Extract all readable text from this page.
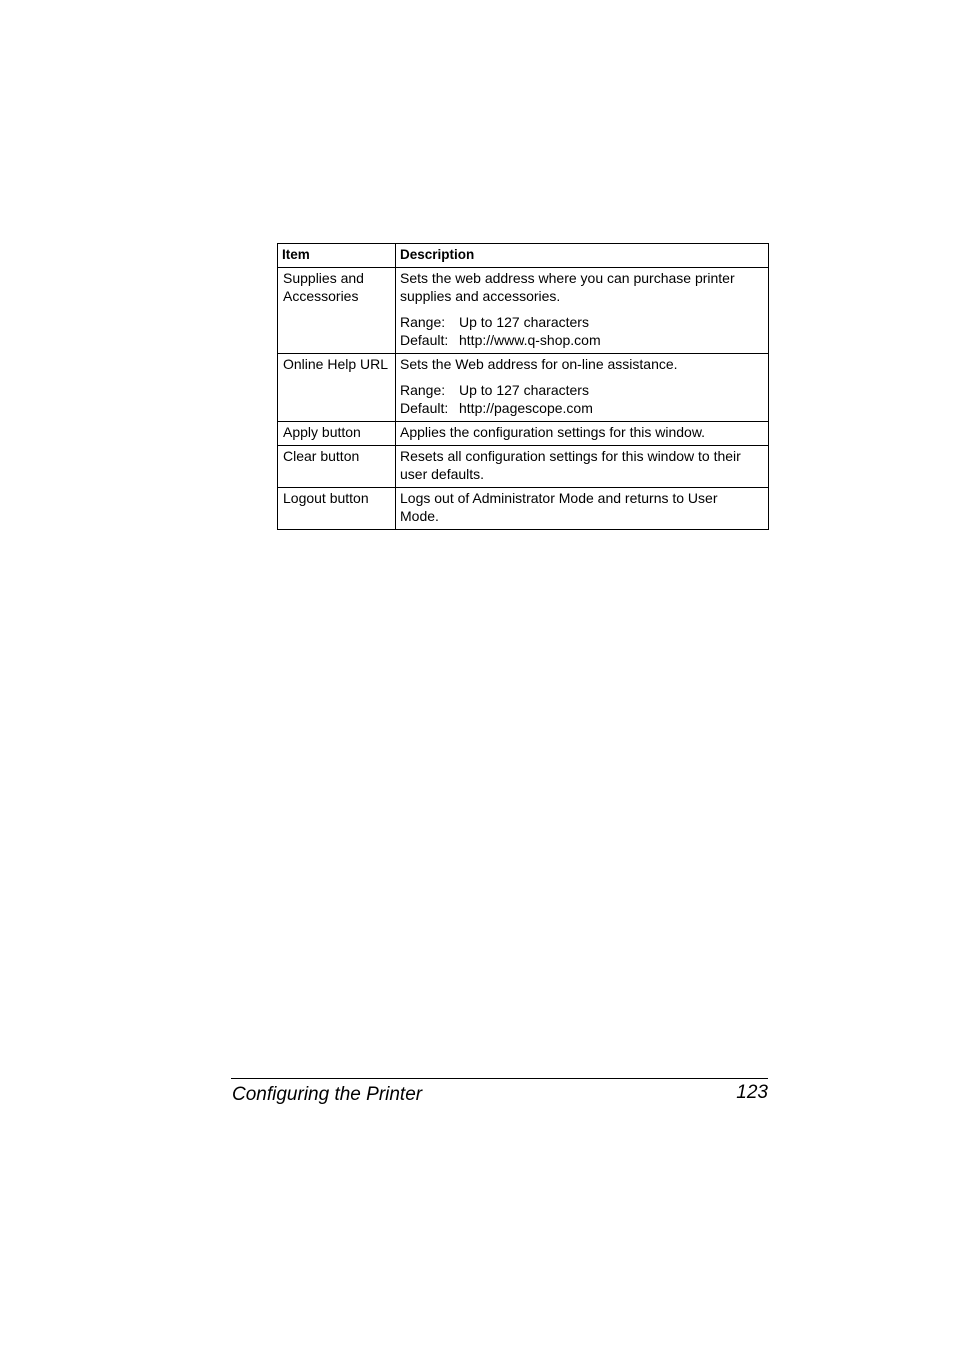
Item	Description
Supplies and Accessories	Sets the web address where you can purchase printer supplies and accessories.
Range: Up to 127 characters
Default: http://www.q-shop.com

Online Help URL	Sets the Web address for on-line assistance.
Range: Up to 127 characters
Default: http://pagescope.com

Apply button	Applies the configuration settings for this window.
Clear button	Resets all configuration settings for this window to their user defaults.
Logout button	Logs out of Administrator Mode and returns to User Mode.
Configuring the Printer	123
